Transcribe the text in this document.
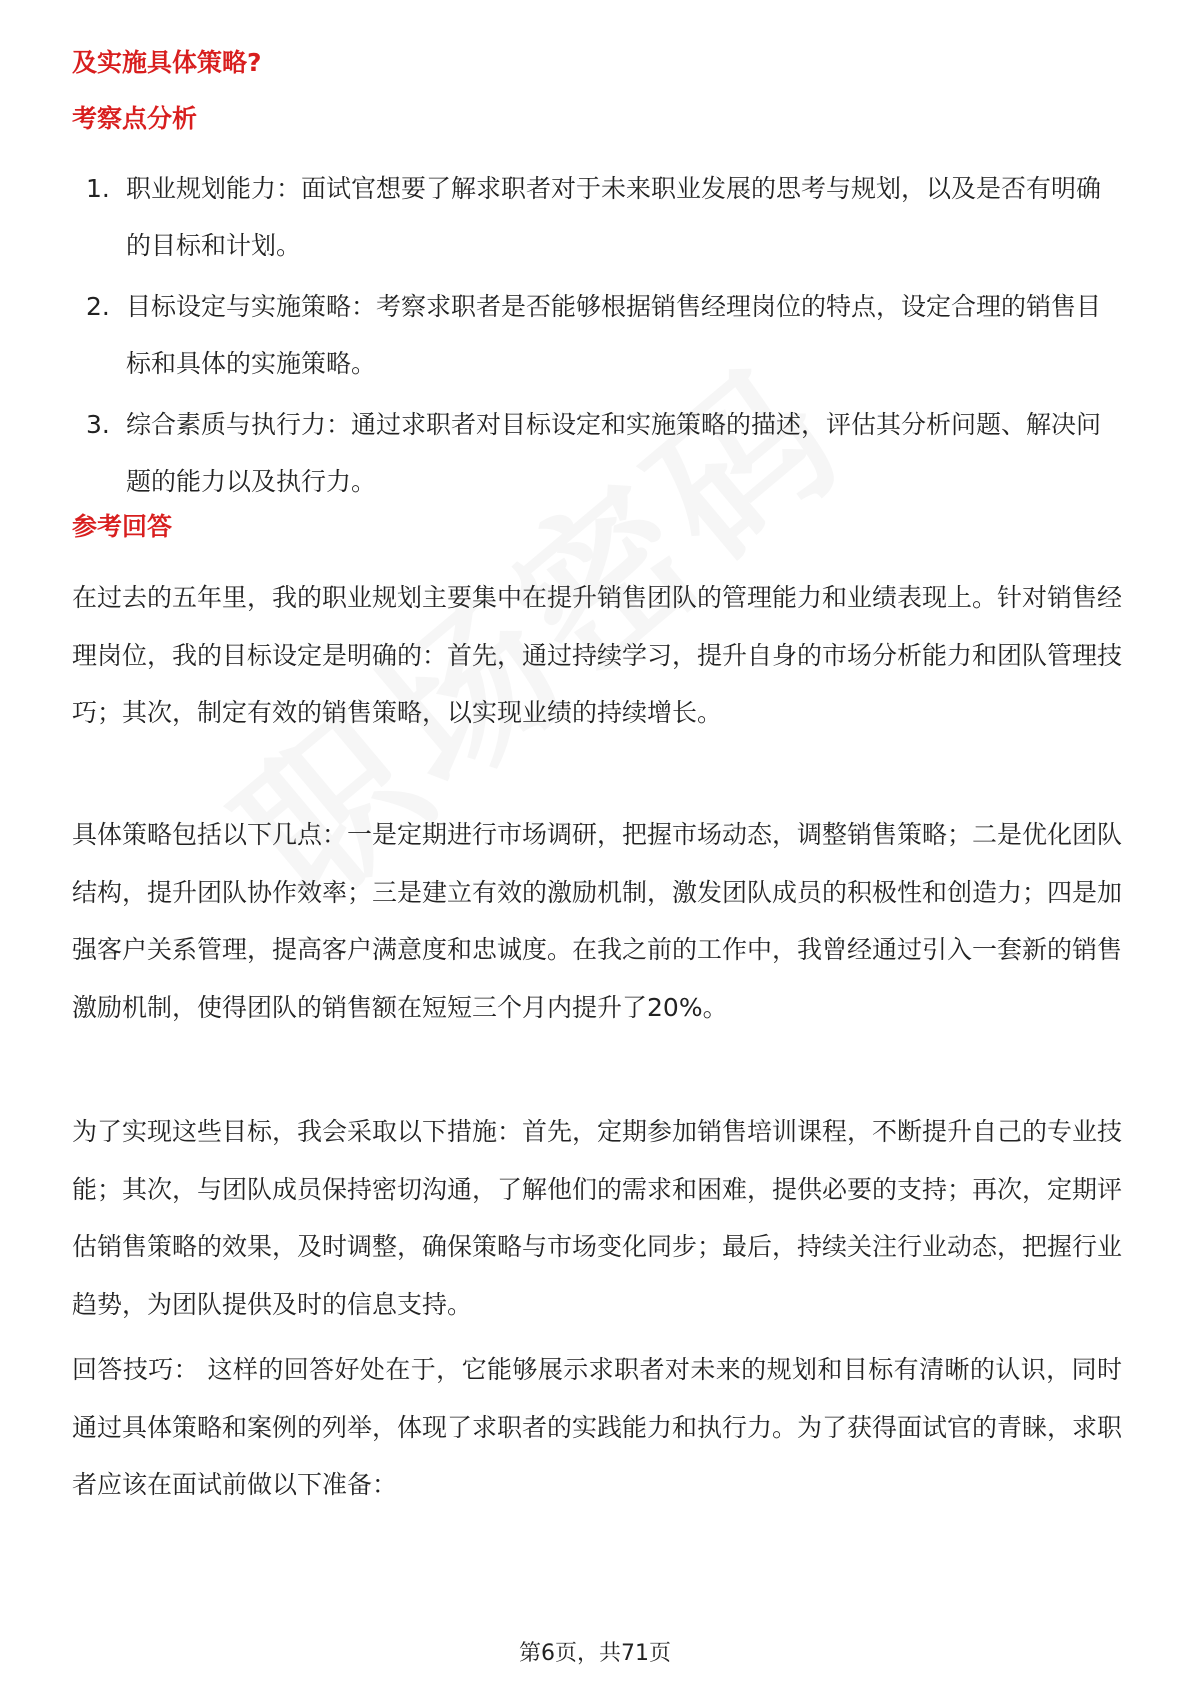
及实施具体策略?
考察点分析
1. 职业规划能力：面试官想要了解求职者对于未来职业发展的思考与规划，以及是否有明确的目标和计划。
2. 目标设定与实施策略：考察求职者是否能够根据销售经理岗位的特点，设定合理的销售目标和具体的实施策略。
3. 综合素质与执行力：通过求职者对目标设定和实施策略的描述，评估其分析问题、解决问题的能力以及执行力。
参考回答

在过去的五年里，我的职业规划主要集中在提升销售团队的管理能力和业绩表现上。针对销售经理岗位，我的目标设定是明确的：首先，通过持续学习，提升自身的市场分析能力和团队管理技巧；其次，制定有效的销售策略，以实现业绩的持续增长。

具体策略包括以下几点：一是定期进行市场调研，把握市场动态，调整销售策略；二是优化团队结构，提升团队协作效率；三是建立有效的激励机制，激发团队成员的积极性和创造力；四是加强客户关系管理，提高客户满意度和忠诚度。在我之前的工作中，我曾经通过引入一套新的销售激励机制，使得团队的销售额在短短三个月内提升了20%。

为了实现这些目标，我会采取以下措施：首先，定期参加销售培训课程，不断提升自己的专业技能；其次，与团队成员保持密切沟通，了解他们的需求和困难，提供必要的支持；再次，定期评估销售策略的效果，及时调整，确保策略与市场变化同步；最后，持续关注行业动态，把握行业趋势，为团队提供及时的信息支持。

回答技巧： 这样的回答好处在于，它能够展示求职者对未来的规划和目标有清晰的认识，同时通过具体策略和案例的列举，体现了求职者的实践能力和执行力。为了获得面试官的青睐，求职者应该在面试前做以下准备：

第6页，共71页
